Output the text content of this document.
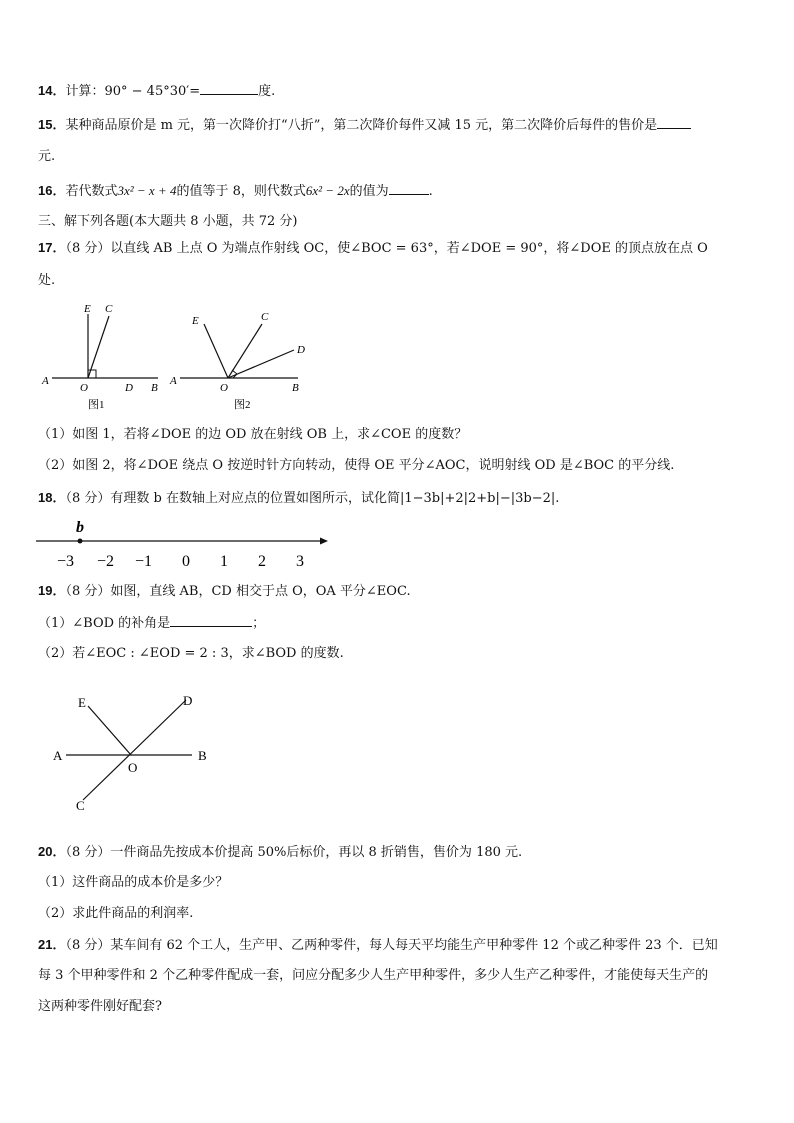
14．计算：90° − 45°30′=	度.
15．某种商品原价是 m 元，第一次降价打“八折”，第二次降价每件又减 15 元，第二次降价后每件的售价是
元.
16．若代数式3x² − x + 4的值等于 8，则代数式6x² − 2x的值为	.
三、解下列各题(本大题共 8 小题，共 72 分)
17．（8 分）以直线 AB 上点 O 为端点作射线 OC，使∠BOC = 63°，若∠DOE = 90°，将∠DOE 的顶点放在点 O
处.
A
B
C
D
E
O
图1
A
B
C
D
E
O
图2
（1）如图 1，若将∠DOE 的边 OD 放在射线 OB 上，求∠COE 的度数？
（2）如图 2，将∠DOE 绕点 O 按逆时针方向转动，使得 OE 平分∠AOC，说明射线 OD 是∠BOC 的平分线.
18．（8 分）有理数 b 在数轴上对应点的位置如图所示，试化简|1−3b|+2|2+b|−|3b−2|.
b
−3 −2 −1 0 1 2 3
19．（8 分）如图，直线 AB，CD 相交于点 O，OA 平分∠EOC.
（1）∠BOD 的补角是	；
（2）若∠EOC : ∠EOD = 2 : 3，求∠BOD 的度数.
A	B
C
D
E
O
20．（8 分）一件商品先按成本价提高 50%后标价，再以 8 折销售，售价为 180 元.
（1）这件商品的成本价是多少？
（2）求此件商品的利润率.
21．（8 分）某车间有 62 个工人，生产甲、乙两种零件，每人每天平均能生产甲种零件 12 个或乙种零件 23 个．已知
每 3 个甲种零件和 2 个乙种零件配成一套，问应分配多少人生产甲种零件，多少人生产乙种零件，才能使每天生产的
这两种零件刚好配套?
